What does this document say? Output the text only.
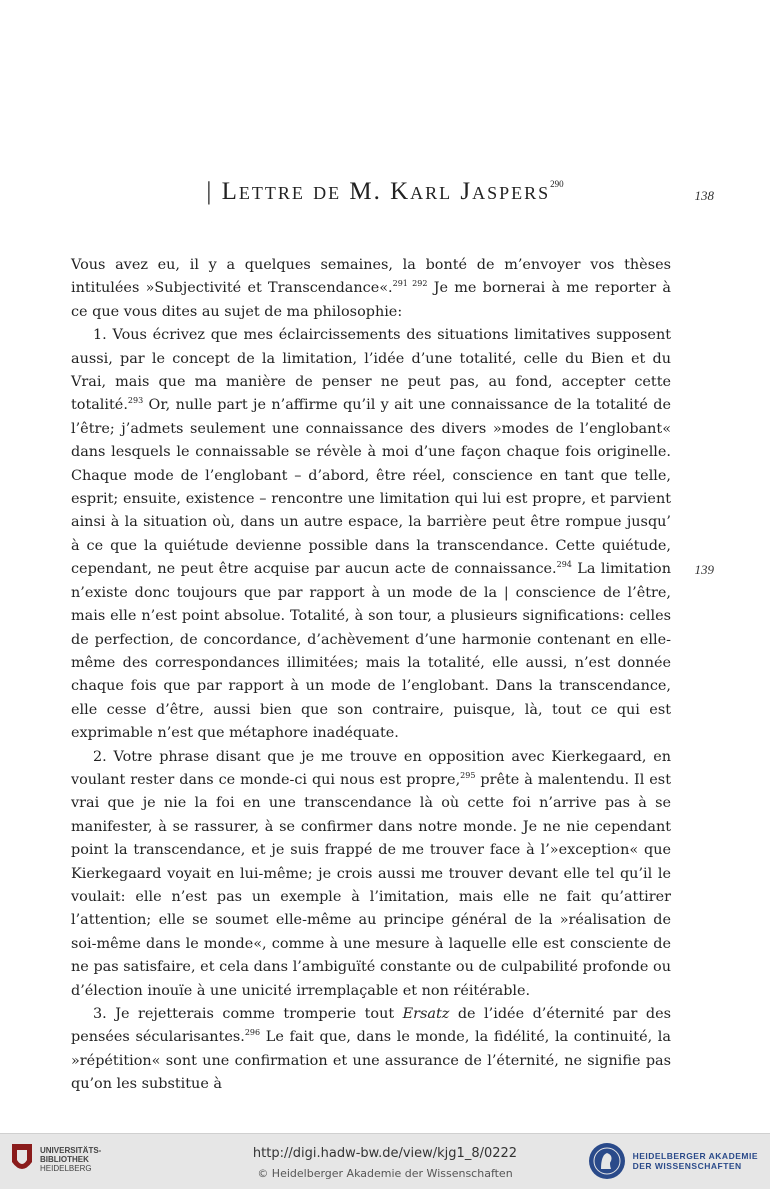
| Lettre de M. Karl Jaspers$^{290}$
138
139

Vous avez eu, il y a quelques semaines, la bonté de m’envoyer vos thèses intitulées »Subjectivité et Transcendance«.$^{291}$ $^{292}$ Je me bornerai à me reporter à ce que vous dites au sujet de ma philosophie:

1. Vous écrivez que mes éclaircissements des situations limitatives supposent aussi, par le concept de la limitation, l’idée d’une totalité, celle du Bien et du Vrai, mais que ma manière de penser ne peut pas, au fond, accepter cette totalité.$^{293}$ Or, nulle part je n’affirme qu’il y ait une connaissance de la totalité de l’être; j’admets seulement une connaissance des divers »modes de l’englobant« dans lesquels le connaissable se révèle à moi d’une façon chaque fois originelle. Chaque mode de l’englobant – d’abord, être réel, conscience en tant que telle, esprit; ensuite, existence – rencontre une limitation qui lui est propre, et parvient ainsi à la situation où, dans un autre espace, la barrière peut être rompue jusqu’ à ce que la quiétude devienne possible dans la transcendance. Cette quiétude, cependant, ne peut être acquise par aucun acte de connaissance.$^{294}$ La limitation n’existe donc toujours que par rapport à un mode de la | conscience de l’être, mais elle n’est point absolue. Totalité, à son tour, a plusieurs significations: celles de perfection, de concordance, d’achèvement d’une harmonie contenant en elle-même des correspondances illimitées; mais la totalité, elle aussi, n’est donnée chaque fois que par rapport à un mode de l’englobant. Dans la transcendance, elle cesse d’être, aussi bien que son contraire, puisque, là, tout ce qui est exprimable n’est que métaphore inadéquate.

2. Votre phrase disant que je me trouve en opposition avec Kierkegaard, en voulant rester dans ce monde-ci qui nous est propre,$^{295}$ prête à malentendu. Il est vrai que je nie la foi en une transcendance là où cette foi n’arrive pas à se manifester, à se rassurer, à se confirmer dans notre monde. Je ne nie cependant point la transcendance, et je suis frappé de me trouver face à l’»exception« que Kierkegaard voyait en lui-même; je crois aussi me trouver devant elle tel qu’il le voulait: elle n’est pas un exemple à l’imitation, mais elle ne fait qu’attirer l’attention; elle se soumet elle-même au principe général de la »réalisation de soi-même dans le monde«, comme à une mesure à laquelle elle est consciente de ne pas satisfaire, et cela dans l’ambiguïté constante ou de culpabilité profonde ou d’élection inouïe à une unicité irremplaçable et non réitérable.

3. Je rejetterais comme tromperie tout Ersatz de l’idée d’éternité par des pensées sécularisantes.$^{296}$ Le fait que, dans le monde, la fidélité, la continuité, la »répétition« sont une confirmation et une assurance de l’éternité, ne signifie pas qu’on les substitue à

UNIVERSITÄTS-
BIBLIOTHEK
HEIDELBERG
http://digi.hadw-bw.de/view/kjg1_8/0222
© Heidelberger Akademie der Wissenschaften
HEIDELBERGER AKADEMIE
DER WISSENSCHAFTEN
